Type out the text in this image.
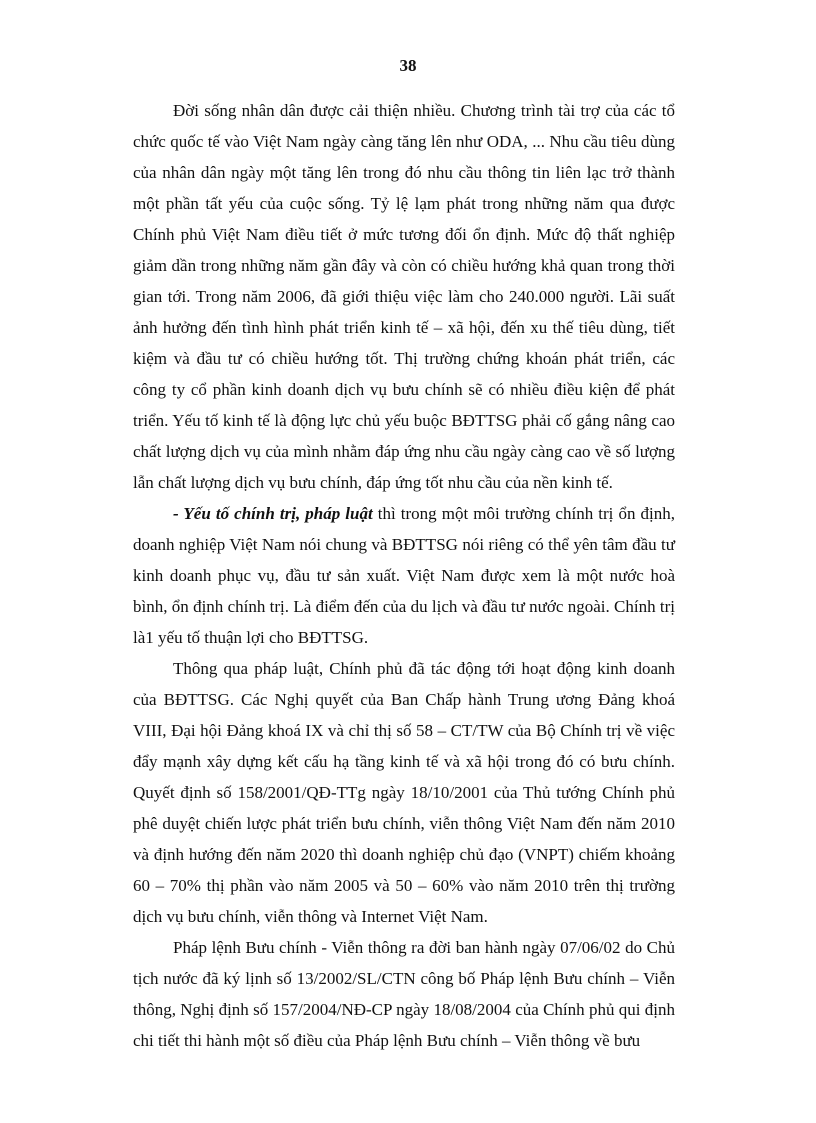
38

Đời sống nhân dân được cải thiện nhiều. Chương trình tài trợ của các tổ chức quốc tế vào Việt Nam ngày càng tăng lên như ODA, ... Nhu cầu tiêu dùng của nhân dân ngày một tăng lên trong đó nhu cầu thông tin liên lạc trở thành một phần tất yếu của cuộc sống. Tỷ lệ lạm phát trong những năm qua được Chính phủ Việt Nam điều tiết ở mức tương đối ổn định. Mức độ thất nghiệp giảm dần trong những năm gần đây và còn có chiều hướng khả quan trong thời gian tới. Trong năm 2006, đã giới thiệu việc làm cho 240.000 người. Lãi suất ảnh hưởng đến tình hình phát triển kinh tế – xã hội, đến xu thế tiêu dùng, tiết kiệm và đầu tư có chiều hướng tốt. Thị trường chứng khoán phát triển, các công ty cổ phần kinh doanh dịch vụ bưu chính sẽ có nhiều điều kiện để phát triển. Yếu tố kinh tế là động lực chủ yếu buộc BĐTTSG phải cố gắng nâng cao chất lượng dịch vụ của mình nhằm đáp ứng nhu cầu ngày càng cao về số lượng lẫn chất lượng dịch vụ bưu chính, đáp ứng tốt nhu cầu của nền kinh tế.

- Yếu tố chính trị, pháp luật thì trong một môi trường chính trị ổn định, doanh nghiệp Việt Nam nói chung và BĐTTSG nói riêng có thể yên tâm đầu tư kinh doanh phục vụ, đầu tư sản xuất. Việt Nam được xem là một nước hoà bình, ổn định chính trị. Là điểm đến của du lịch và đầu tư nước ngoài. Chính trị là1 yếu tố thuận lợi cho BĐTTSG.

Thông qua pháp luật, Chính phủ đã tác động tới hoạt động kinh doanh của BĐTTSG. Các Nghị quyết của Ban Chấp hành Trung ương Đảng khoá VIII, Đại hội Đảng khoá IX và chỉ thị số 58 – CT/TW của Bộ Chính trị về việc đẩy mạnh xây dựng kết cấu hạ tầng kinh tế và xã hội trong đó có bưu chính. Quyết định số 158/2001/QĐ-TTg ngày 18/10/2001 của Thủ tướng Chính phủ phê duyệt chiến lược phát triển bưu chính, viễn thông Việt Nam đến năm 2010 và định hướng đến năm 2020 thì doanh nghiệp chủ đạo (VNPT) chiếm khoảng 60 – 70% thị phần vào năm 2005 và 50 – 60% vào năm 2010 trên thị trường dịch vụ bưu chính, viễn thông và Internet Việt Nam.

Pháp lệnh Bưu chính - Viễn thông ra đời ban hành ngày 07/06/02 do Chủ tịch nước đã ký lịnh số 13/2002/SL/CTN công bố Pháp lệnh Bưu chính – Viễn thông, Nghị định số 157/2004/NĐ-CP ngày 18/08/2004 của Chính phủ qui định chi tiết thi hành một số điều của Pháp lệnh Bưu chính – Viễn thông về bưu
